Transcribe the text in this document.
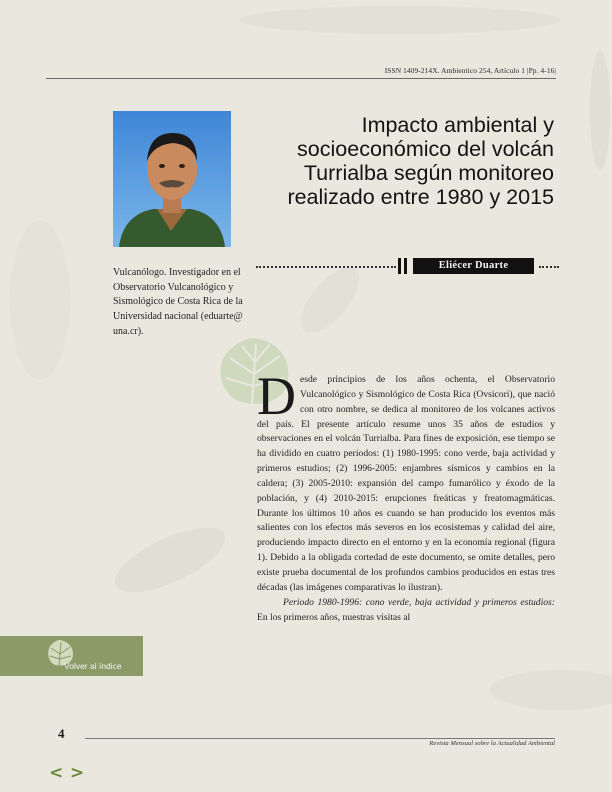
ISSN 1409-214X. Ambientico 254, Artículo 1 |Pp. 4-16|
Impacto ambiental y socioeconómico del volcán Turrialba según monitoreo realizado entre 1980 y 2015
Eliécer Duarte
Vulcanólogo. Investigador en el Observatorio Vulcanológico y Sismológico de Costa Rica de la Universidad nacional (eduarte@ una.cr).
D esde principios de los años ochenta, el Observatorio Vulcanológico y Sismológico de Costa Rica (Ovsicori), que nació con otro nombre, se dedica al monitoreo de los volcanes activos del país. El presente artículo resume unos 35 años de estudios y observaciones en el volcán Turrialba. Para fines de exposición, ese tiempo se ha dividido en cuatro periodos: (1) 1980-1995: cono verde, baja actividad y primeros estudios; (2) 1996-2005: enjambres sísmicos y cambios en la caldera; (3) 2005-2010: expansión del campo fumarólico y éxodo de la población, y (4) 2010-2015: erupciones freáticas y freatomagmáticas. Durante los últimos 10 años es cuando se han producido los eventos más salientes con los efectos más severos en los ecosistemas y calidad del aire, produciendo impacto directo en el entorno y en la economía regional (figura 1). Debido a la obligada cortedad de este documento, se omite detalles, pero existe prueba documental de los profundos cambios producidos en estas tres décadas (las imágenes comparativas lo ilustran).

Periodo 1980-1996: cono verde, baja actividad y primeros estudios: En los primeros años, nuestras visitas al

Volver al índice
4
Revista Mensual sobre la Actualidad Ambiental
< >
